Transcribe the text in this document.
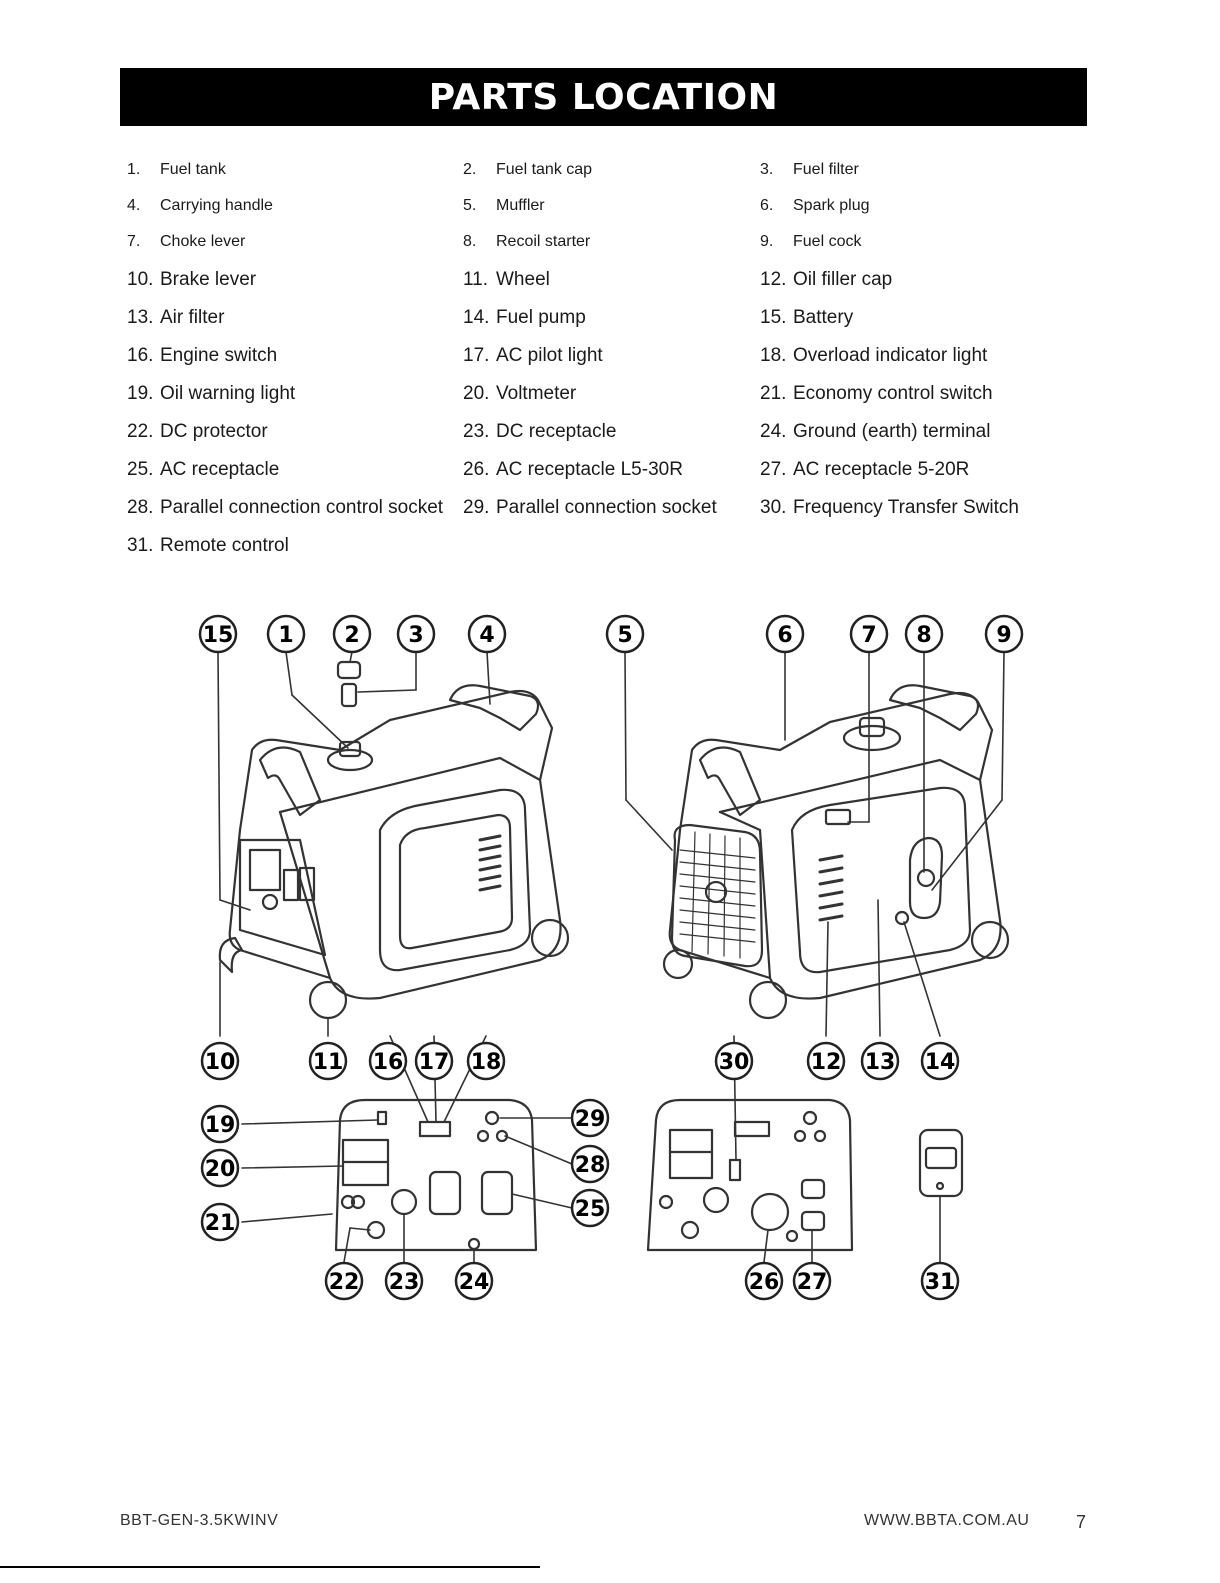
PARTS LOCATION
1. Fuel tank	2. Fuel tank cap	3. Fuel filter
4. Carrying handle	5. Muffler	6. Spark plug
7. Choke lever	8. Recoil starter	9. Fuel cock
10. Brake lever	11. Wheel	12. Oil filler cap
13. Air filter	14. Fuel pump	15. Battery
16. Engine switch	17. AC pilot light	18. Overload indicator light
19. Oil warning light	20. Voltmeter	21. Economy control switch
22. DC protector	23. DC receptacle	24. Ground (earth) terminal
25. AC receptacle	26. AC receptacle L5-30R	27. AC receptacle 5-20R
28. Parallel connection control socket 29. Parallel connection socket 30. Frequency Transfer Switch
31. Remote control
15 1 2 3	4	5	6	7 8	9
10	11 16 17 18	30	12 13 14
19
20
21
29
28
25
22 23 24	26 27	31
BBT-GEN-3.5KWINV	WWW.BBTA.COM.AU	7
